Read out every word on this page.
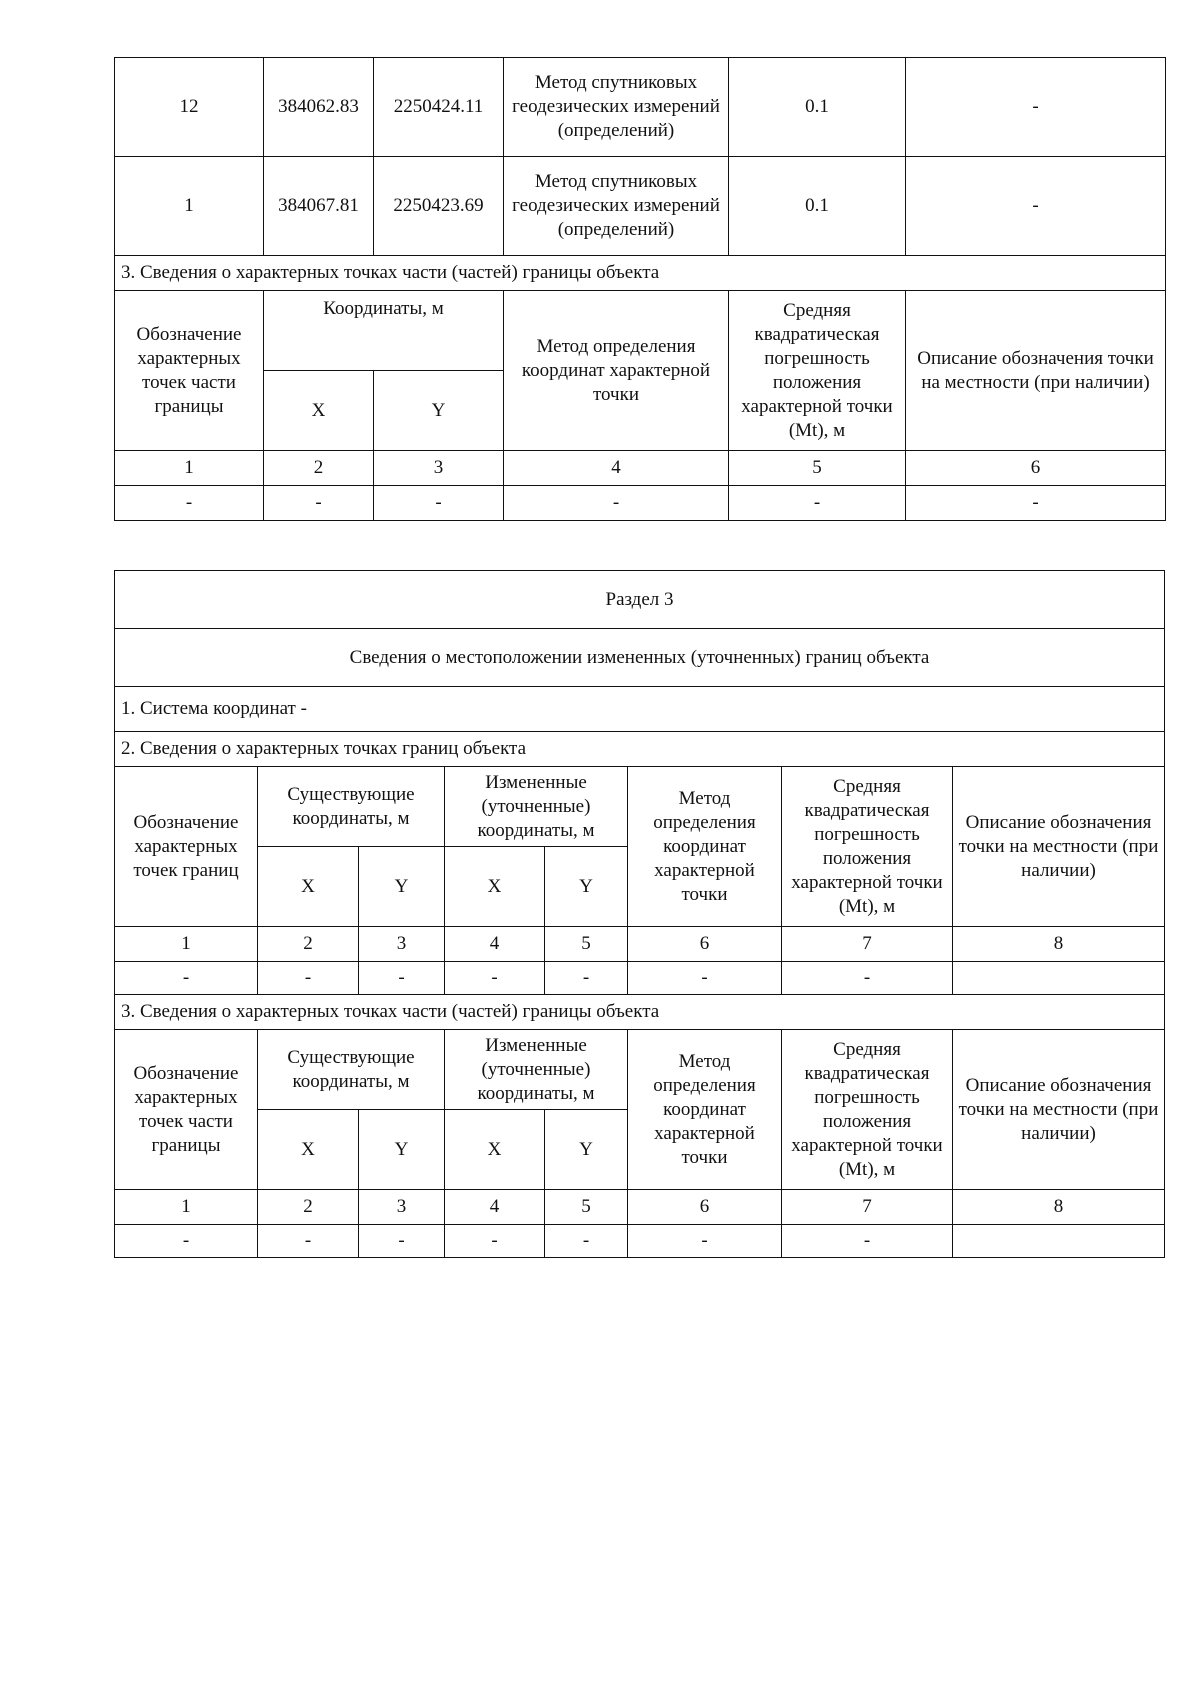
12	384062.83	2250424.11	Метод спутниковых геодезических измерений (определений)	0.1	-
1	384067.81	2250423.69	Метод спутниковых геодезических измерений (определений)	0.1	-
3. Сведения о характерных точках части (частей) границы объекта					
Обозначение характерных точек части границы	Координаты, м		Метод определения координат характерной точки	Средняя квадратическая погрешность положения характерной точки (Mt), м	Описание обозначения точки на местности (при наличии)
	X	Y			
1	2	3	4	5	6
-	-	-	-	-	-
Раздел 3							
Сведения о местоположении измененных (уточненных) границ объекта							
1. Система координат -							
2. Сведения о характерных точках границ объекта							
Обозначение характерных точек границ	Существующие координаты, м		Измененные (уточненные) координаты, м		Метод определения координат характерной точки	Средняя квадратическая погрешность положения характерной точки (Mt), м	Описание обозначения точки на местности (при наличии)
	X	Y	X	Y			
1	2	3	4	5	6	7	8
-	-	-	-	-	-	-	
3. Сведения о характерных точках части (частей) границы объекта							
Обозначение характерных точек части границы	Существующие координаты, м		Измененные (уточненные) координаты, м		Метод определения координат характерной точки	Средняя квадратическая погрешность положения характерной точки (Mt), м	Описание обозначения точки на местности (при наличии)
	X	Y	X	Y			
1	2	3	4	5	6	7	8
-	-	-	-	-	-	-	
